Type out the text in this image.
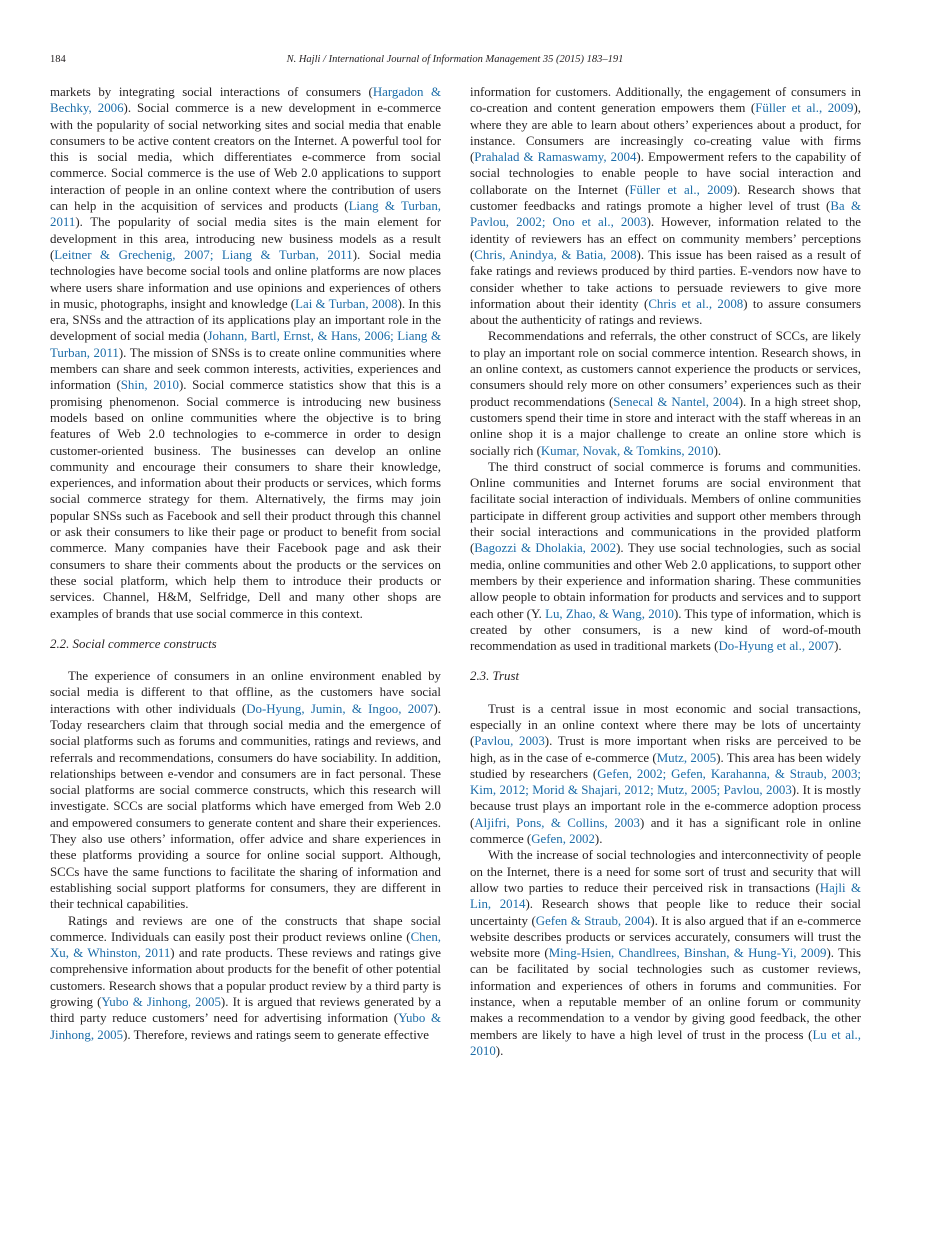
184	N. Hajli / International Journal of Information Management 35 (2015) 183–191

markets by integrating social interactions of consumers (Hargadon & Bechky, 2006). Social commerce is a new development in e-commerce with the popularity of social networking sites and social media that enable consumers to be active content creators on the Internet. A powerful tool for this is social media, which differentiates e-commerce from social commerce. Social commerce is the use of Web 2.0 applications to support interaction of people in an online context where the contribution of users can help in the acquisition of services and products (Liang & Turban, 2011). The popularity of social media sites is the main element for development in this area, introducing new business models as a result (Leitner & Grechenig, 2007; Liang & Turban, 2011). Social media technologies have become social tools and online platforms are now places where users share information and use opinions and experiences of others in music, photographs, insight and knowledge (Lai & Turban, 2008). In this era, SNSs and the attraction of its applications play an important role in the development of social media (Johann, Bartl, Ernst, & Hans, 2006; Liang & Turban, 2011). The mission of SNSs is to create online communities where members can share and seek common interests, activities, experiences and information (Shin, 2010). Social commerce statistics show that this is a promising phenomenon. Social commerce is introducing new business models based on online communities where the objective is to bring features of Web 2.0 technologies to e-commerce in order to design customer-oriented business. The businesses can develop an online community and encourage their consumers to share their knowledge, experiences, and information about their products or services, which forms social commerce strategy for them. Alternatively, the firms may join popular SNSs such as Facebook and sell their product through this channel or ask their consumers to like their page or product to benefit from social commerce. Many companies have their Facebook page and ask their consumers to share their comments about the products or the services on these social platform, which help them to introduce their products or services. Channel, H&M, Selfridge, Dell and many other shops are examples of brands that use social commerce in this context.

2.2. Social commerce constructs

The experience of consumers in an online environment enabled by social media is different to that offline, as the customers have social interactions with other individuals (Do-Hyung, Jumin, & Ingoo, 2007). Today researchers claim that through social media and the emergence of social platforms such as forums and communities, ratings and reviews, and referrals and recommendations, consumers do have sociability. In addition, relationships between e-vendor and consumers are in fact personal. These social platforms are social commerce constructs, which this research will investigate. SCCs are social platforms which have emerged from Web 2.0 and empowered consumers to generate content and share their experiences. They also use others’ information, offer advice and share experiences in these platforms providing a source for online social support. Although, SCCs have the same functions to facilitate the sharing of information and establishing social support platforms for consumers, they are different in their technical capabilities.

Ratings and reviews are one of the constructs that shape social commerce. Individuals can easily post their product reviews online (Chen, Xu, & Whinston, 2011) and rate products. These reviews and ratings give comprehensive information about products for the benefit of other potential customers. Research shows that a popular product review by a third party is growing (Yubo & Jinhong, 2005). It is argued that reviews generated by a third party reduce customers’ need for advertising information (Yubo & Jinhong, 2005). Therefore, reviews and ratings seem to generate effective

information for customers. Additionally, the engagement of consumers in co-creation and content generation empowers them (Füller et al., 2009), where they are able to learn about others’ experiences about a product, for instance. Consumers are increasingly co-creating value with firms (Prahalad & Ramaswamy, 2004). Empowerment refers to the capability of social technologies to enable people to have social interaction and collaborate on the Internet (Füller et al., 2009). Research shows that customer feedbacks and ratings promote a higher level of trust (Ba & Pavlou, 2002; Ono et al., 2003). However, information related to the identity of reviewers has an effect on community members’ perceptions (Chris, Anindya, & Batia, 2008). This issue has been raised as a result of fake ratings and reviews produced by third parties. E-vendors now have to consider whether to take actions to persuade reviewers to give more information about their identity (Chris et al., 2008) to assure consumers about the authenticity of ratings and reviews.

Recommendations and referrals, the other construct of SCCs, are likely to play an important role on social commerce intention. Research shows, in an online context, as customers cannot experience the products or services, consumers should rely more on other consumers’ experiences such as their product recommendations (Senecal & Nantel, 2004). In a high street shop, customers spend their time in store and interact with the staff whereas in an online shop it is a major challenge to create an online store which is socially rich (Kumar, Novak, & Tomkins, 2010).

The third construct of social commerce is forums and communities. Online communities and Internet forums are social environment that facilitate social interaction of individuals. Members of online communities participate in different group activities and support other members through their social interactions and communications in the provided platform (Bagozzi & Dholakia, 2002). They use social technologies, such as social media, online communities and other Web 2.0 applications, to support other members by their experience and information sharing. These communities allow people to obtain information for products and services and to support each other (Y. Lu, Zhao, & Wang, 2010). This type of information, which is created by other consumers, is a new kind of word-of-mouth recommendation as used in traditional markets (Do-Hyung et al., 2007).

2.3. Trust

Trust is a central issue in most economic and social transactions, especially in an online context where there may be lots of uncertainty (Pavlou, 2003). Trust is more important when risks are perceived to be high, as in the case of e-commerce (Mutz, 2005). This area has been widely studied by researchers (Gefen, 2002; Gefen, Karahanna, & Straub, 2003; Kim, 2012; Morid & Shajari, 2012; Mutz, 2005; Pavlou, 2003). It is mostly because trust plays an important role in the e-commerce adoption process (Aljifri, Pons, & Collins, 2003) and it has a significant role in online commerce (Gefen, 2002).

With the increase of social technologies and interconnectivity of people on the Internet, there is a need for some sort of trust and security that will allow two parties to reduce their perceived risk in transactions (Hajli & Lin, 2014). Research shows that people like to reduce their social uncertainty (Gefen & Straub, 2004). It is also argued that if an e-commerce website describes products or services accurately, consumers will trust the website more (Ming-Hsien, Chandlrees, Binshan, & Hung-Yi, 2009). This can be facilitated by social technologies such as customer reviews, information and experiences of others in forums and communities. For instance, when a reputable member of an online forum or community makes a recommendation to a vendor by giving good feedback, the other members are likely to have a high level of trust in the process (Lu et al., 2010).
